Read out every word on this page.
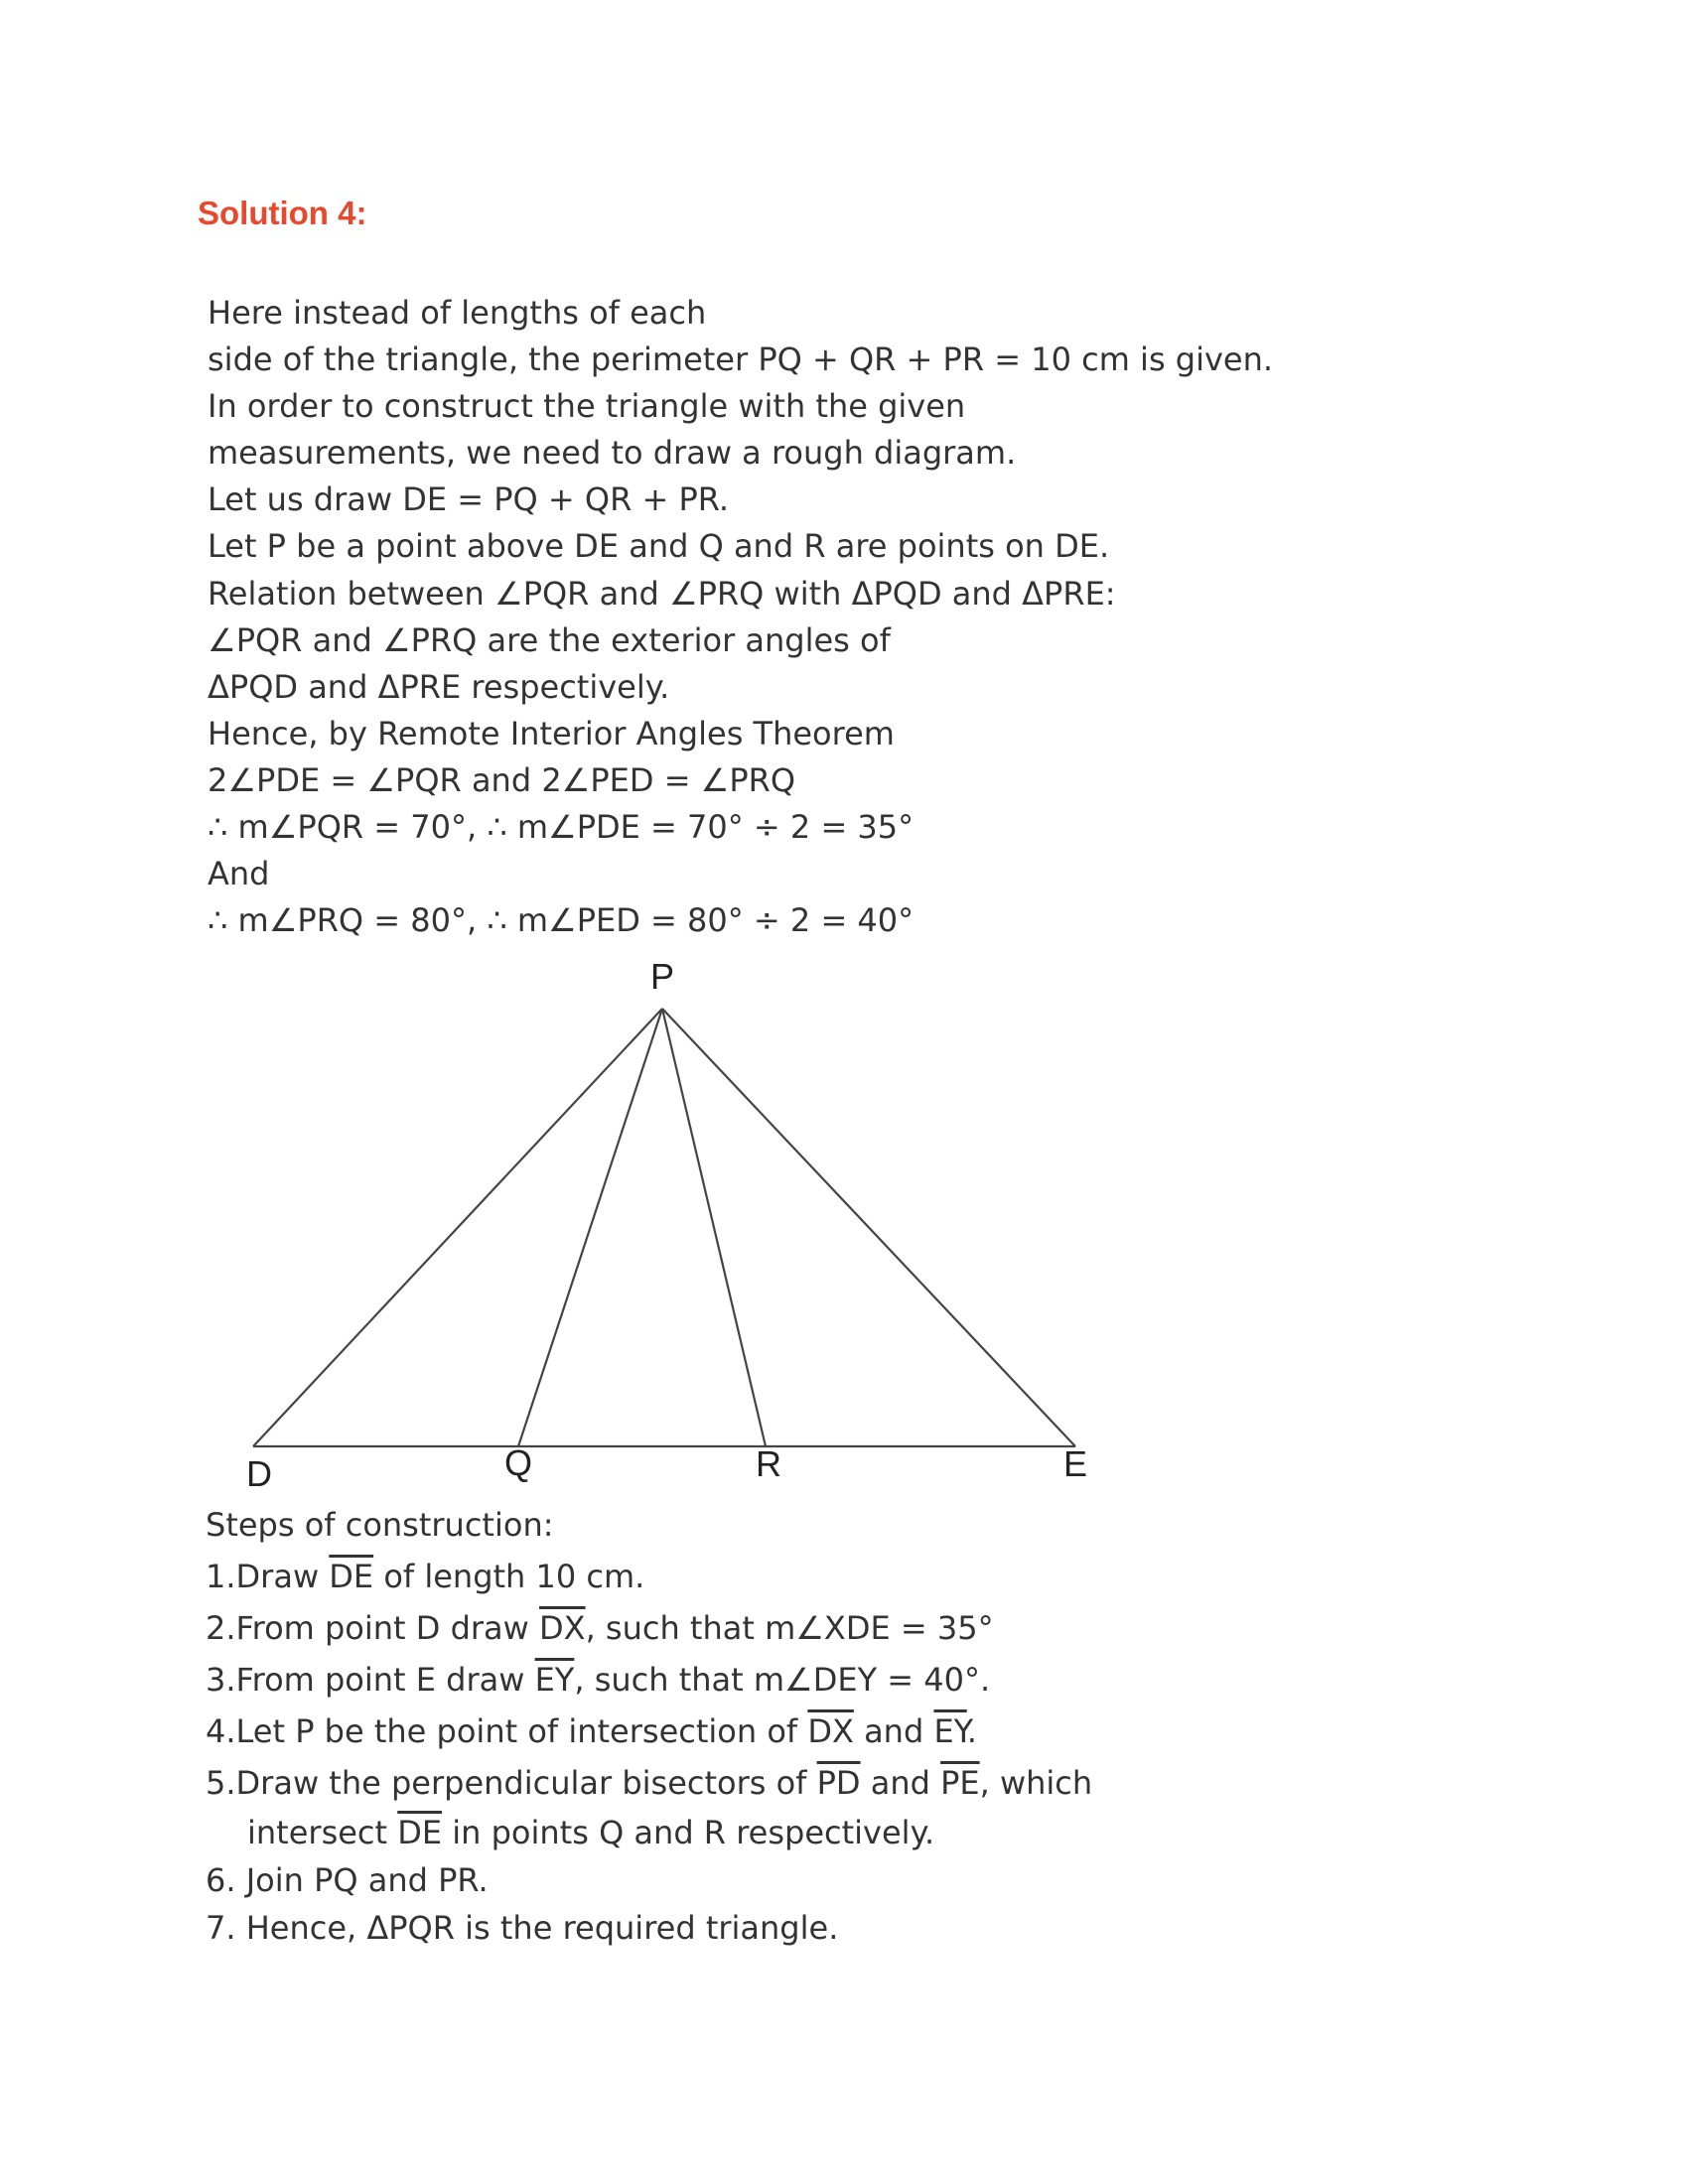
Solution 4:
Here instead of lengths of each
side of the triangle, the perimeter PQ + QR + PR = 10 cm is given.
In order to construct the triangle with the given
measurements, we need to draw a rough diagram.
Let us draw DE = PQ + QR + PR.
Let P be a point above DE and Q and R are points on DE.
Relation between ∠PQR and ∠PRQ with ΔPQD and ΔPRE:
∠PQR and ∠PRQ are the exterior angles of
ΔPQD and ΔPRE respectively.
Hence, by Remote Interior Angles Theorem
2∠PDE = ∠PQR and 2∠PED = ∠PRQ
∴ m∠PQR = 70°, ∴ m∠PDE = 70° ÷ 2 = 35°
And
∴ m∠PRQ = 80°, ∴ m∠PED = 80° ÷ 2 = 40°
P
D	Q	R	E
Steps of construction:
1.Draw $\overline{DE}$ of length 10 cm.
2.From point D draw $\overline{DX}$, such that m∠XDE = 35°
3.From point E draw $\overline{EY}$, such that m∠DEY = 40°.
4.Let P be the point of intersection of $\overline{DX}$ and $\overline{EY}$.
5.Draw the perpendicular bisectors of $\overline{PD}$ and $\overline{PE}$, which
intersect $\overline{DE}$ in points Q and R respectively.
6. Join PQ and PR.
7. Hence, ΔPQR is the required triangle.
